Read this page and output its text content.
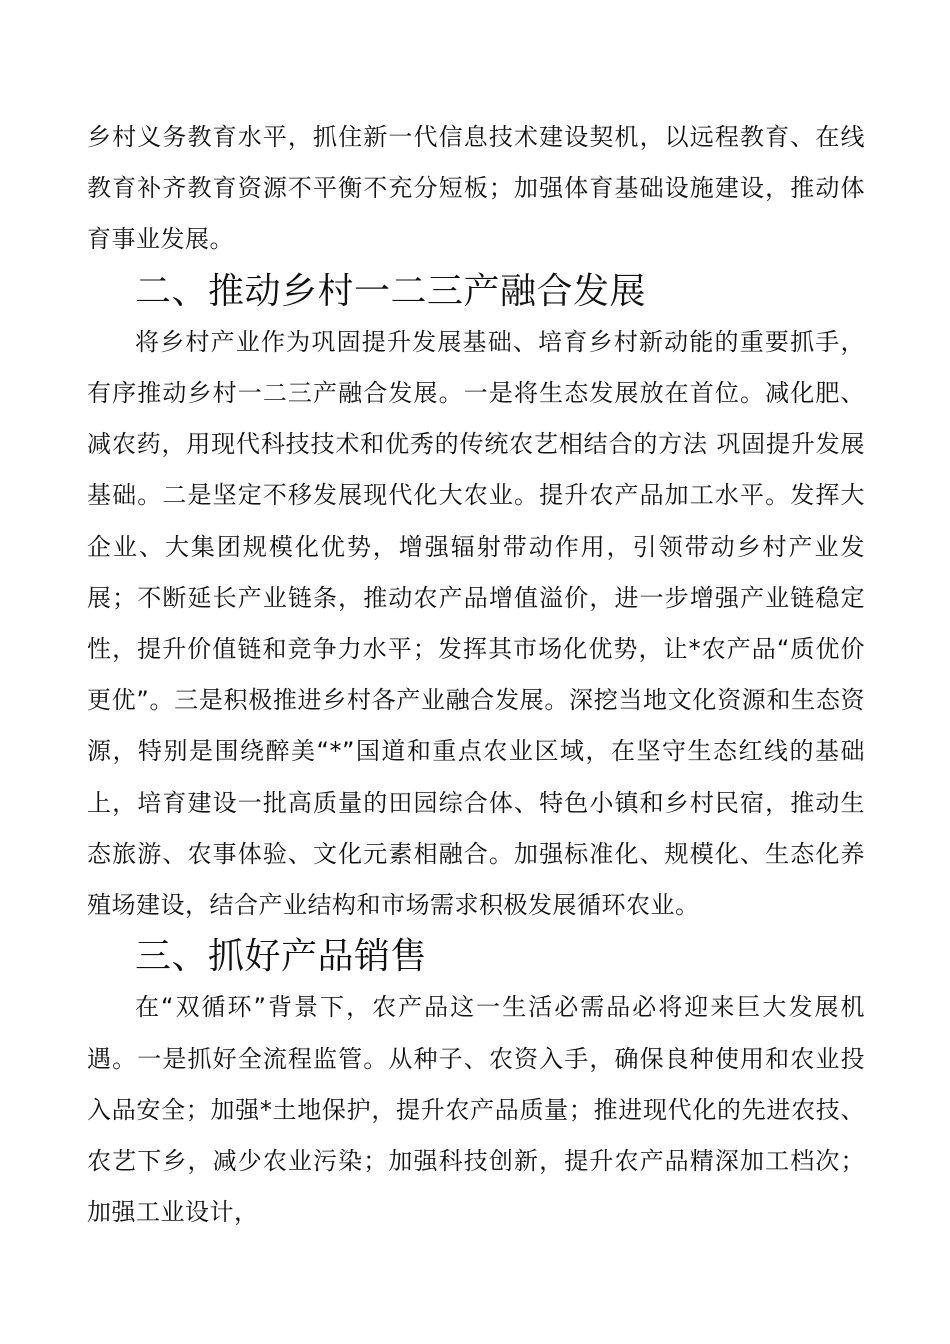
乡村义务教育水平，抓住新一代信息技术建设契机，以远程教育、在线教育补齐教育资源不平衡不充分短板；加强体育基础设施建设，推动体育事业发展。

二、推动乡村一二三产融合发展

将乡村产业作为巩固提升发展基础、培育乡村新动能的重要抓手，有序推动乡村一二三产融合发展。一是将生态发展放在首位。减化肥、减农药，用现代科技技术和优秀的传统农艺相结合的方法 巩固提升发展基础。二是坚定不移发展现代化大农业。提升农产品加工水平。发挥大企业、大集团规模化优势，增强辐射带动作用，引领带动乡村产业发展；不断延长产业链条，推动农产品增值溢价，进一步增强产业链稳定性，提升价值链和竞争力水平；发挥其市场化优势，让*农产品“质优价更优”。三是积极推进乡村各产业融合发展。深挖当地文化资源和生态资源，特别是围绕醉美“*”国道和重点农业区域，在坚守生态红线的基础上，培育建设一批高质量的田园综合体、特色小镇和乡村民宿，推动生态旅游、农事体验、文化元素相融合。加强标准化、规模化、生态化养殖场建设，结合产业结构和市场需求积极发展循环农业。

三、抓好产品销售

在“双循环”背景下，农产品这一生活必需品必将迎来巨大发展机遇。一是抓好全流程监管。从种子、农资入手，确保良种使用和农业投入品安全；加强*土地保护，提升农产品质量；推进现代化的先进农技、农艺下乡，减少农业污染；加强科技创新，提升农产品精深加工档次；加强工业设计，
